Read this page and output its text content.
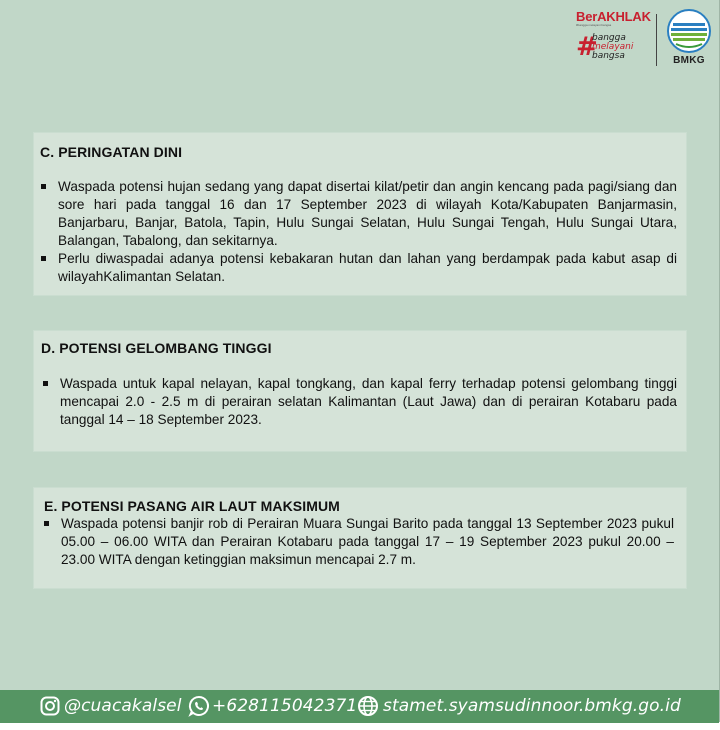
BerAKHLAK
#bangga melayani bangsa
#
bangga
melayani
bangsa	BMKG
C. PERINGATAN DINI

Waspada potensi hujan sedang yang dapat disertai kilat/petir dan angin kencang pada pagi/siang dan sore hari pada tanggal 16 dan 17 September 2023 di wilayah Kota/Kabupaten Banjarmasin, Banjarbaru, Banjar, Batola, Tapin, Hulu Sungai Selatan, Hulu Sungai Tengah, Hulu Sungai Utara, Balangan, Tabalong, dan sekitarnya.

Perlu diwaspadai adanya potensi kebakaran hutan dan lahan yang berdampak pada kabut asap di wilayahKalimantan Selatan.

D. POTENSI GELOMBANG TINGGI

Waspada untuk kapal nelayan, kapal tongkang, dan kapal ferry terhadap potensi gelombang tinggi mencapai 2.0 - 2.5 m di perairan selatan Kalimantan (Laut Jawa) dan di perairan Kotabaru pada tanggal 14 – 18 September 2023.

E. POTENSI PASANG AIR LAUT MAKSIMUM

Waspada potensi banjir rob di Perairan Muara Sungai Barito pada tanggal 13 September 2023 pukul 05.00 – 06.00 WITA dan Perairan Kotabaru pada tanggal 17 – 19 September 2023 pukul 20.00 – 23.00 WITA dengan ketinggian maksimun mencapai 2.7 m.

@cuacakalsel +628115042371 stamet.syamsudinnoor.bmkg.go.id
